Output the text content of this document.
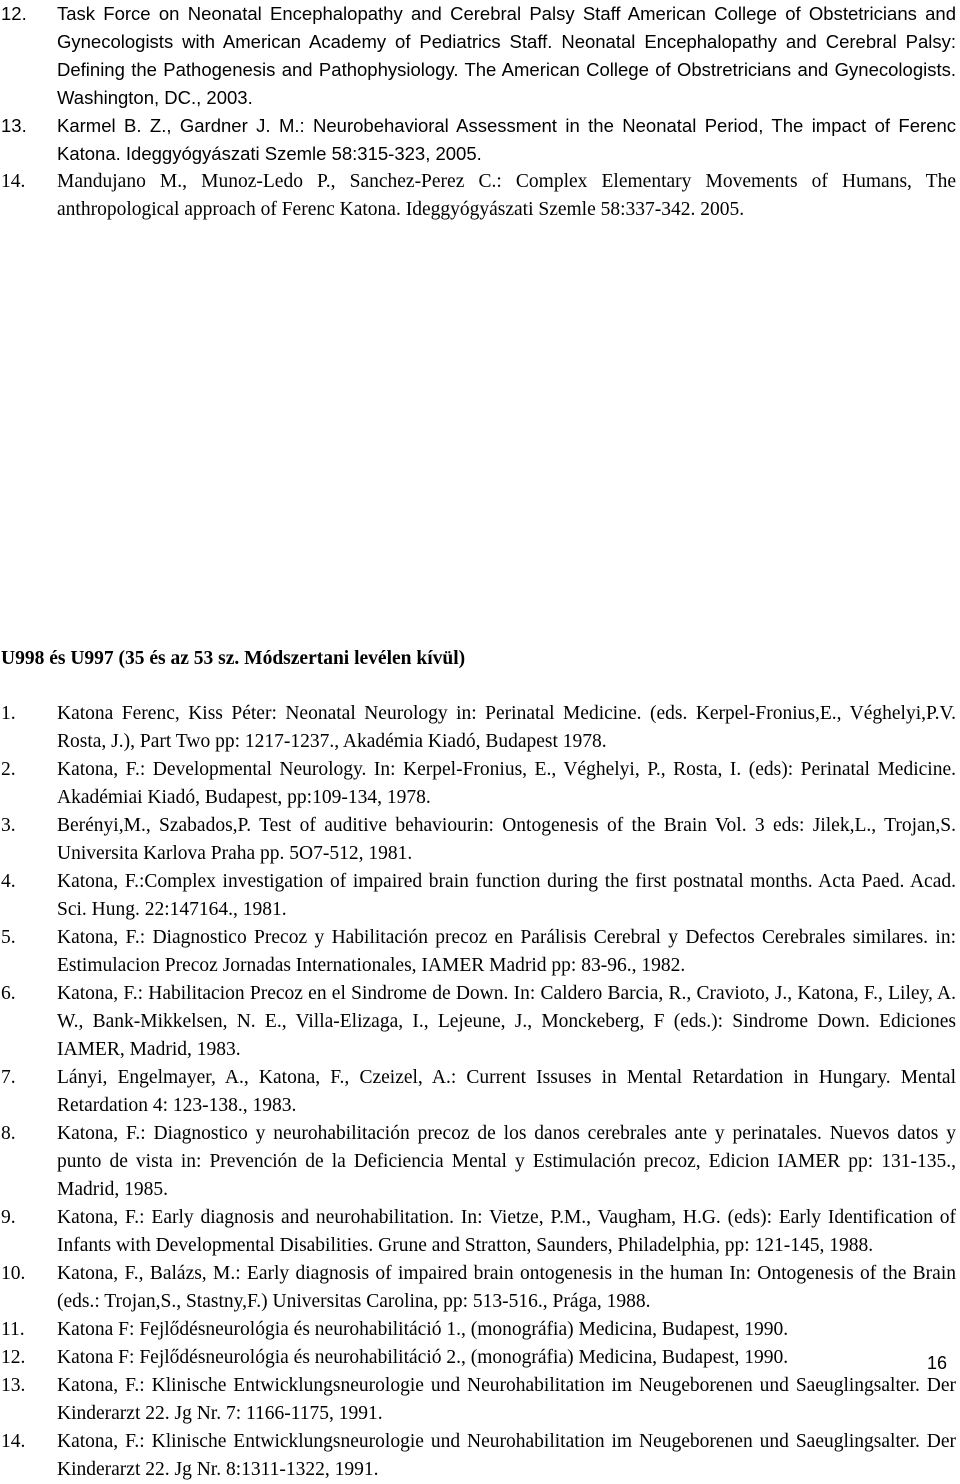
12.	Task Force on Neonatal Encephalopathy and Cerebral Palsy Staff American College of Obstetricians and Gynecologists with American Academy of Pediatrics Staff. Neonatal Encephalopathy and Cerebral Palsy: Defining the Pathogenesis and Pathophysiology. The American College of Obstretricians and Gynecologists. Washington, DC., 2003.
13.	Karmel B. Z., Gardner J. M.: Neurobehavioral Assessment in the Neonatal Period, The impact of Ferenc Katona. Ideggyógyászati Szemle 58:315-323, 2005.
14.	Mandujano M., Munoz-Ledo P., Sanchez-Perez C.: Complex Elementary Movements of Humans, The anthropological approach of Ferenc Katona. Ideggyógyászati Szemle 58:337-342. 2005.
U998 és U997 (35 és az 53 sz. Módszertani levélen kívül)
1.	Katona Ferenc, Kiss Péter: Neonatal Neurology in: Perinatal Medicine. (eds. Kerpel-Fronius,E., Véghelyi,P.V. Rosta, J.), Part Two pp: 1217-1237., Akadémia Kiadó, Budapest 1978.
2.	Katona, F.: Developmental Neurology. In: Kerpel-Fronius, E., Véghelyi, P., Rosta, I. (eds): Perinatal Medicine. Akadémiai Kiadó, Budapest, pp:109-134, 1978.
3.	Berényi,M., Szabados,P. Test of auditive behaviourin: Ontogenesis of the Brain Vol. 3 eds: Jilek,L., Trojan,S. Universita Karlova Praha pp. 5O7-512, 1981.
4.	Katona, F.:Complex investigation of impaired brain function during the first postnatal months. Acta Paed. Acad. Sci. Hung. 22:147164., 1981.
5.	Katona, F.: Diagnostico Precoz y Habilitación precoz en Parálisis Cerebral y Defectos Cerebrales similares. in: Estimulacion Precoz Jornadas Internationales, IAMER Madrid pp: 83-96., 1982.
6.	Katona, F.: Habilitacion Precoz en el Sindrome de Down. In: Caldero Barcia, R., Cravioto, J., Katona, F., Liley, A. W., Bank-Mikkelsen, N. E., Villa-Elizaga, I., Lejeune, J., Monckeberg, F (eds.): Sindrome Down. Ediciones IAMER, Madrid, 1983.
7.	Lányi, Engelmayer, A., Katona, F., Czeizel, A.: Current Issuses in Mental Retardation in Hungary. Mental Retardation 4: 123-138., 1983.
8.	Katona, F.: Diagnostico y neurohabilitación precoz de los danos cerebrales ante y perinatales. Nuevos datos y punto de vista in: Prevención de la Deficiencia Mental y Estimulación precoz, Edicion IAMER pp: 131-135., Madrid, 1985.
9.	Katona, F.: Early diagnosis and neurohabilitation. In: Vietze, P.M., Vaugham, H.G. (eds): Early Identification of Infants with Developmental Disabilities. Grune and Stratton, Saunders, Philadelphia, pp: 121-145, 1988.
10.	Katona, F., Balázs, M.: Early diagnosis of impaired brain ontogenesis in the human In: Ontogenesis of the Brain (eds.: Trojan,S., Stastny,F.) Universitas Carolina, pp: 513-516., Prága, 1988.
11.	Katona F: Fejlődésneurológia és neurohabilitáció 1., (monográfia) Medicina, Budapest, 1990.
12.	Katona F: Fejlődésneurológia és neurohabilitáció 2., (monográfia) Medicina, Budapest, 1990.
13.	Katona, F.: Klinische Entwicklungsneurologie und Neurohabilitation im Neugeborenen und Saeuglingsalter. Der Kinderarzt 22. Jg Nr. 7: 1166-1175, 1991.
14.	Katona, F.: Klinische Entwicklungsneurologie und Neurohabilitation im Neugeborenen und Saeuglingsalter. Der Kinderarzt 22. Jg Nr. 8:1311-1322, 1991.
16
